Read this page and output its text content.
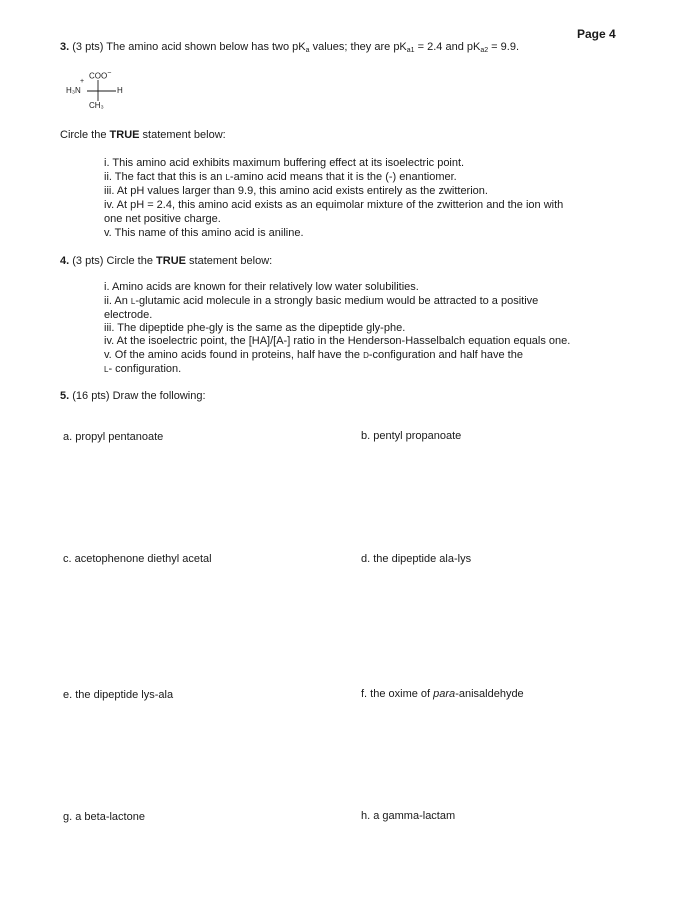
Page 4
3. (3 pts) The amino acid shown below has two $pK_a$ values; they are $pK_{a1} = 2.4$ and $pK_{a2} = 9.9$.
COO−
H₃N
+
H
CH₃
Circle the TRUE statement below:
i. This amino acid exhibits maximum buffering effect at its isoelectric point.
ii. The fact that this is an L-amino acid means that it is the (-) enantiomer.
iii. At pH values larger than 9.9, this amino acid exists entirely as the zwitterion.
iv. At pH = 2.4, this amino acid exists as an equimolar mixture of the zwitterion and the ion with
one net positive charge.
v. This name of this amino acid is aniline.
4. (3 pts) Circle the TRUE statement below:
i. Amino acids are known for their relatively low water solubilities.
ii. An L-glutamic acid molecule in a strongly basic medium would be attracted to a positive
electrode.
iii. The dipeptide phe-gly is the same as the dipeptide gly-phe.
iv. At the isoelectric point, the [HA]/[A-] ratio in the Henderson-Hasselbalch equation equals one.
v. Of the amino acids found in proteins, half have the D-configuration and half have the
L- configuration.
5. (16 pts) Draw the following:
a. propyl pentanoate	b. pentyl propanoate
c. acetophenone diethyl acetal	d. the dipeptide ala-lys
e. the dipeptide lys-ala	f. the oxime of para-anisaldehyde
g. a beta-lactone	h. a gamma-lactam
